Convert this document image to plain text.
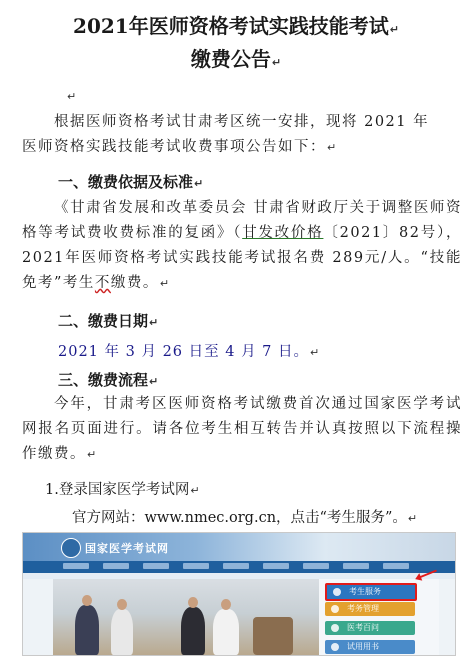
2021年医师资格考试实践技能考试↵
缴费公告↵
↵
根据医师资格考试甘肃考区统一安排，现将 2021 年
医师资格实践技能考试收费事项公告如下：↵
一、缴费依据及标准↵
《甘肃省发展和改革委员会 甘肃省财政厅关于调整医师资格等考试费收费标准的复函》（甘发改价格〔2021〕82号），2021年医师资格考试实践技能考试报名费 289元/人。“技能免考”考生不缴费。↵
二、缴费日期↵
2021 年 3 月 26 日至 4 月 7 日。↵
三、缴费流程↵
今年，甘肃考区医师资格考试缴费首次通过国家医学考试网报名页面进行。请各位考生相互转告并认真按照以下流程操作缴费。↵
1.登录国家医学考试网↵
官方网站：www.nmec.org.cn，点击“考生服务”。↵
国家医学考试网
考生服务
考务管理
医考百问
试用用书
